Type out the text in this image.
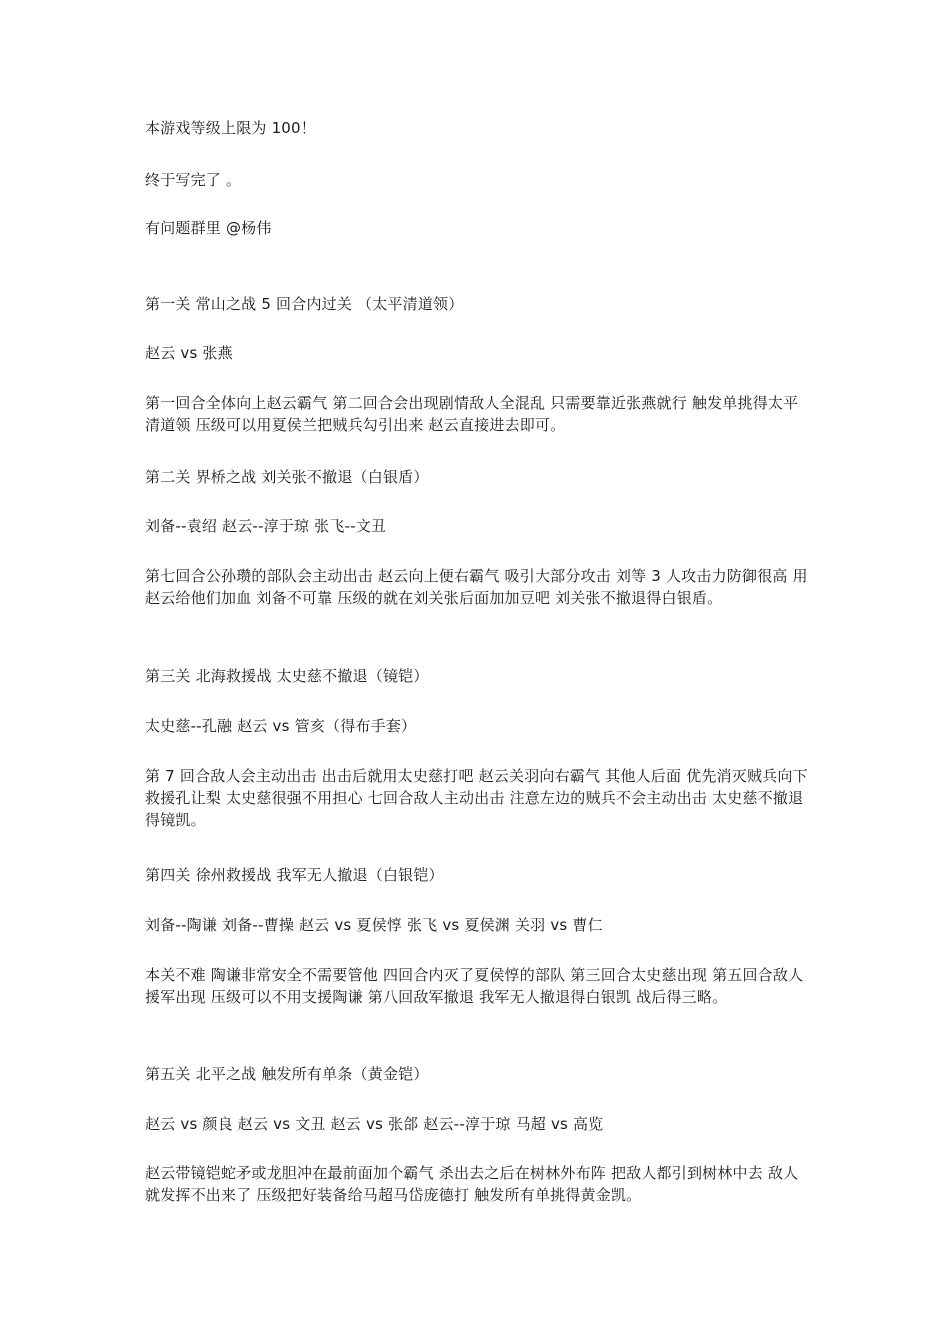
本游戏等级上限为 100！
终于写完了 。
有问题群里 @杨伟
第一关 常山之战 5 回合内过关 （太平清道领）
赵云 vs 张燕
第一回合全体向上赵云霸气 第二回合会出现剧情敌人全混乱 只需要靠近张燕就行 触发单挑得太平清道领 压级可以用夏侯兰把贼兵勾引出来 赵云直接进去即可。
第二关 界桥之战 刘关张不撤退（白银盾）
刘备--袁绍 赵云--淳于琼 张飞--文丑
第七回合公孙瓒的部队会主动出击 赵云向上便右霸气 吸引大部分攻击 刘等 3 人攻击力防御很高 用赵云给他们加血 刘备不可靠 压级的就在刘关张后面加加豆吧 刘关张不撤退得白银盾。
第三关 北海救援战 太史慈不撤退（镜铠）
太史慈--孔融 赵云 vs 管亥（得布手套）
第 7 回合敌人会主动出击 出击后就用太史慈打吧 赵云关羽向右霸气 其他人后面 优先消灭贼兵向下救援孔让梨 太史慈很强不用担心 七回合敌人主动出击 注意左边的贼兵不会主动出击 太史慈不撤退得镜凯。
第四关 徐州救援战 我军无人撤退（白银铠）
刘备--陶谦 刘备--曹操 赵云 vs 夏侯惇 张飞 vs 夏侯渊 关羽 vs 曹仁
本关不难 陶谦非常安全不需要管他 四回合内灭了夏侯惇的部队 第三回合太史慈出现 第五回合敌人援军出现 压级可以不用支援陶谦 第八回敌军撤退 我军无人撤退得白银凯 战后得三略。
第五关 北平之战 触发所有单条（黄金铠）
赵云 vs 颜良 赵云 vs 文丑 赵云 vs 张郃 赵云--淳于琼 马超 vs 高览
赵云带镜铠蛇矛或龙胆冲在最前面加个霸气 杀出去之后在树林外布阵 把敌人都引到树林中去 敌人就发挥不出来了 压级把好装备给马超马岱庞德打 触发所有单挑得黄金凯。
